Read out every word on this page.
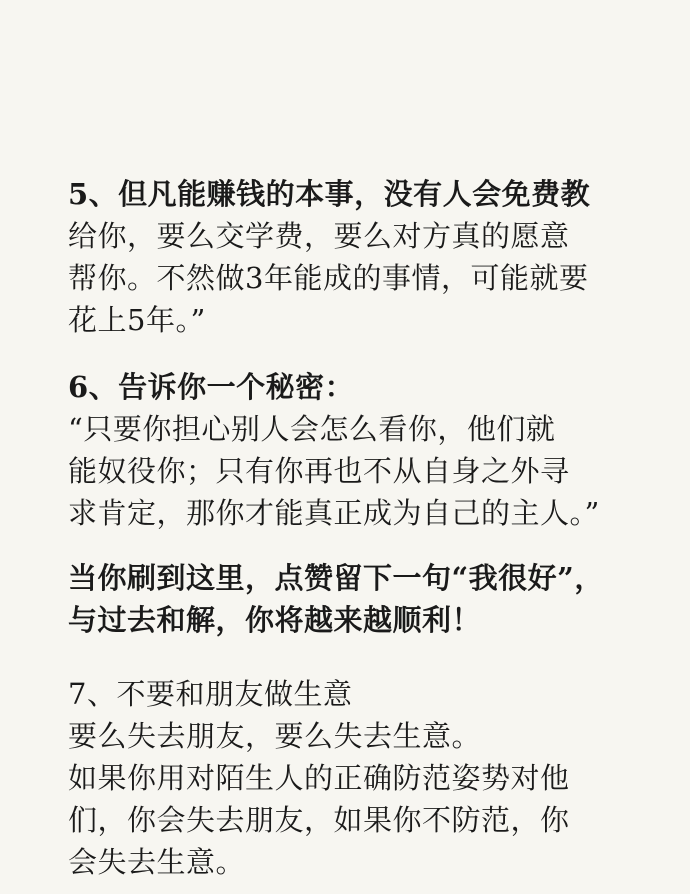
5、但凡能赚钱的本事，没有人会免费教
给你，要么交学费，要么对方真的愿意
帮你。不然做3年能成的事情，可能就要
花上5年。”
6、告诉你一个秘密：
“只要你担心别人会怎么看你，他们就
能奴役你；只有你再也不从自身之外寻
求肯定，那你才能真正成为自己的主人。”
当你刷到这里，点赞留下一句“我很好”，
与过去和解，你将越来越顺利！
7、不要和朋友做生意
要么失去朋友，要么失去生意。
如果你用对陌生人的正确防范姿势对他
们，你会失去朋友，如果你不防范，你
会失去生意。
